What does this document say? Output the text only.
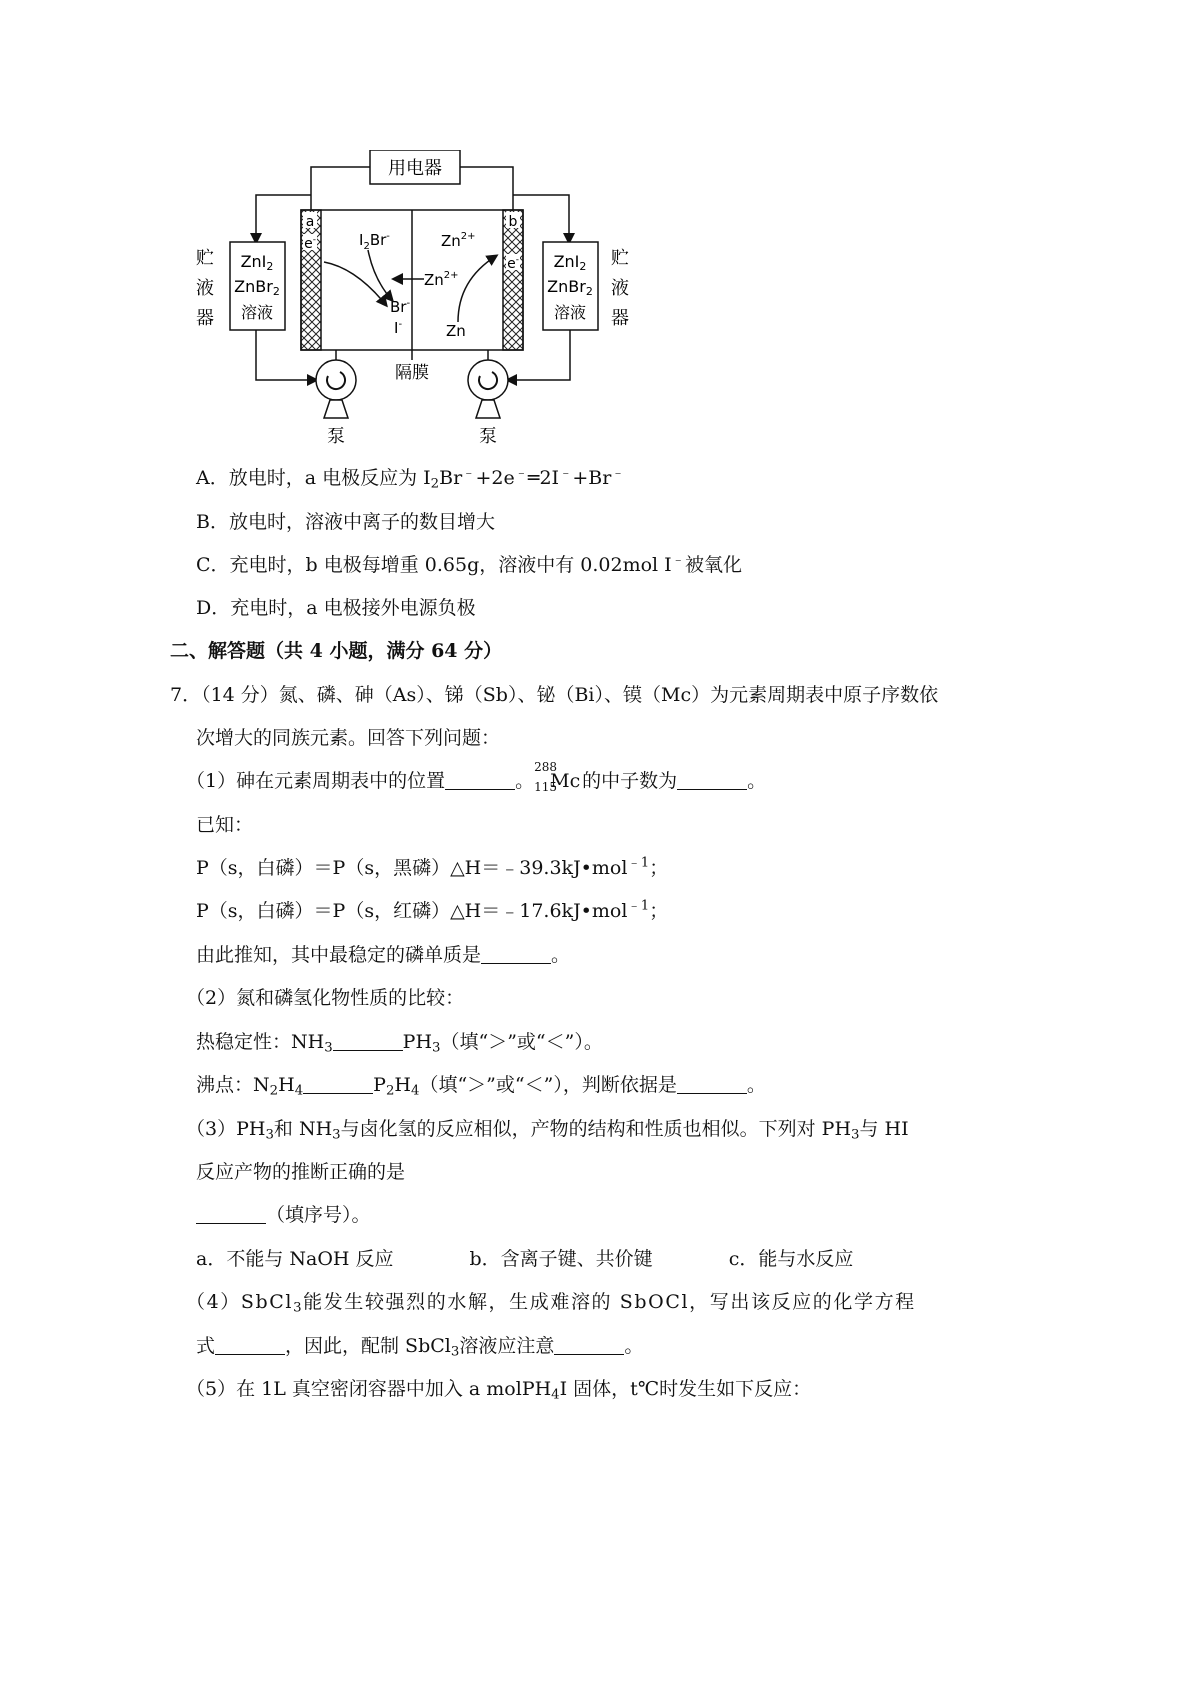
用电器
a	b
e-
e-
$I_2Br^-$
Br-
I-
$Zn^{2+}$
$Zn^{2+}$
Zn
ZnI2
ZnBr2
溶液
ZnI2
ZnBr2
溶液
贮
液
器
贮
液
器
隔膜
泵	泵
A．放电时，a 电极反应为 $I_2Br^﹣+2e^﹣═2I^﹣+Br^﹣$
B．放电时，溶液中离子的数目增大
C．充电时，b 电极每增重 0.65g，溶液中有 0.02mol I﹣被氧化
D．充电时，a 电极接外电源负极
二、解答题（共 4 小题，满分 64 分）
7．（14 分）氮、磷、砷（As）、锑（Sb）、铋（Bi）、镆（Mc）为元素周期表中原子序数依
次增大的同族元素。回答下列问题：
（1）砷在元素周期表中的位置	。
288
115
Mc 的中子数为	。
已知：
P（s，白磷）＝P（s，黑磷）△H＝﹣39.3kJ•mol$^{﹣1}$；
P（s，白磷）＝P（s，红磷）△H＝﹣17.6kJ•mol$^{﹣1}$；
由此推知，其中最稳定的磷单质是	。
（2）氮和磷氢化物性质的比较：
热稳定性：$NH_3$	$PH_3$（填“＞”或“＜”）。
沸点：$N_2H_4$	$P_2H_4$（填“＞”或“＜”），判断依据是	。
$(3)PH_3$和 $NH_3$与卤化氢的反应相似，产物的结构和性质也相似。下列对 $PH_3$与 HI
反应产物的推断正确的是
（填序号）。
a．不能与 NaOH 反应	b．含离子键、共价键	c．能与水反应
（4）SbCl$_3$能发生较强烈的水解，生成难溶的 SbOCl，写出该反应的化学方程
式	，因此，配制 SbCl$_3$溶液应注意	。
（5）在 1L 真空密闭容器中加入 a molPH$_4$I 固体，t℃时发生如下反应：
